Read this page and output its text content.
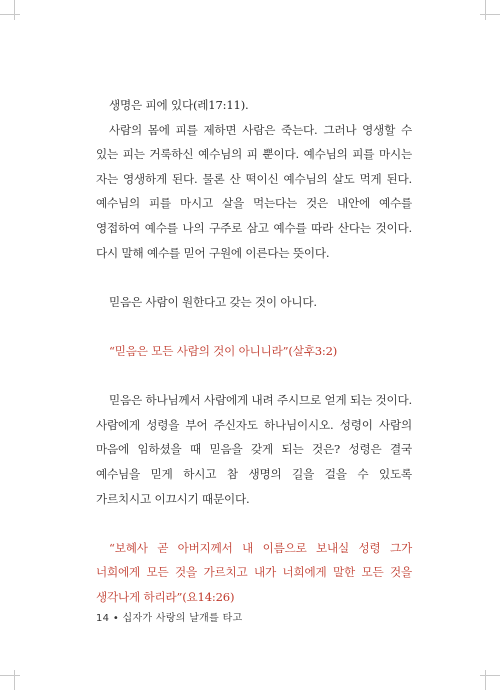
생명은 피에 있다(레17:11).

사람의 몸에 피를 제하면 사람은 죽는다. 그러나 영생할 수 있는 피는 거룩하신 예수님의 피 뿐이다. 예수님의 피를 마시는 자는 영생하게 된다. 물론 산 떡이신 예수님의 살도 먹게 된다. 예수님의 피를 마시고 살을 먹는다는 것은 내안에 예수를 영접하여 예수를 나의 구주로 삼고 예수를 따라 산다는 것이다. 다시 말해 예수를 믿어 구원에 이른다는 뜻이다.

믿음은 사람이 원한다고 갖는 것이 아니다.

“믿음은 모든 사람의 것이 아니니라”(살후3:2)

믿음은 하나님께서 사람에게 내려 주시므로 얻게 되는 것이다. 사람에게 성령을 부어 주신자도 하나님이시오. 성령이 사람의 마음에 임하셨을 때 믿음을 갖게 되는 것은? 성령은 결국 예수님을 믿게 하시고 참 생명의 길을 걸을 수 있도록 가르치시고 이끄시기 때문이다.

“보혜사 곧 아버지께서 내 이름으로 보내실 성령 그가 너희에게 모든 것을 가르치고 내가 너희에게 말한 모든 것을 생각나게 하리라”(요14:26)

14 • 십자가 사랑의 날개를 타고
